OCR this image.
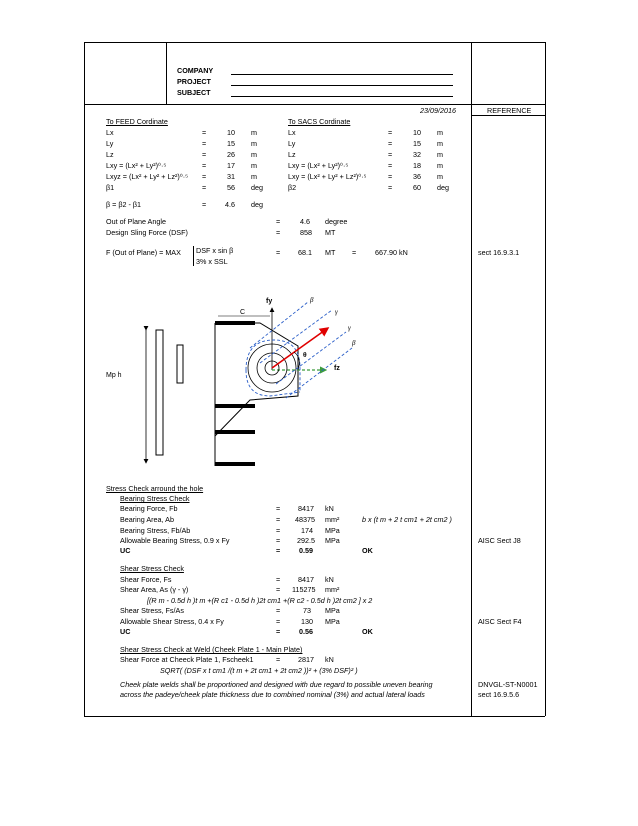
COMPANY
PROJECT
SUBJECT
23/09/2016	REFERENCE
To FEED Cordinate
Lx	=	10 m
Ly	=	15 m
Lz	=	26 m
Lxy = (Lx² + Ly²)⁰·⁵	=	17 m
Lxyz = (Lx² + Ly² + Lz²)⁰·⁵ =	31 m
β1	=	56 deg
β = β2 - β1	=	4.6 deg
To SACS Cordinate
Lx	=	10 m
Ly	=	15 m
Lz	=	32 m
Lxy = (Lx² + Ly²)⁰·⁵	=	18 m
Lxy = (Lx² + Ly² + Lz²)⁰·⁵	=	36 m
β2	=	60 deg
Out of Plane Angle	=	4.6 degree
Design Sling Force (DSF)	=	858 MT
F (Out of Plane) = MAX DSF x sin β
3% x SSL
= 68.1 MT =	667.90 kN	sect 16.9.3.1
fy
fz
C
Mp h
β
γ
γ
β
θ
Stress Check arround the hole
Bearing Stress Check
Bearing Force, Fb	= 8417 kN
Bearing Area, Ab	= 48375 mm²	b x (t m + 2 t cm1 + 2t cm2 )
Bearing Stress, Fb/Ab	=	174 MPa
Allowable Bearing Stress, 0.9 x Fy	= 292.5 MPa	AISC Sect J8
UC	=	0.59	OK
Shear Stress Check
Shear Force, Fs	= 8417 kN
Shear Area, As (γ - γ)	= 115275 mm²
[(R m - 0.5d h )t m +(R c1 - 0.5d h )2t cm1 +(R c2 - 0.5d h )2t cm2 ] x 2
Shear Stress, Fs/As	=	73 MPa
Allowable Shear Stress, 0.4 x Fy	=	130 MPa	AISC Sect F4
UC	=	0.56	OK
Shear Stress Check at Weld (Cheek Plate 1 - Main Plate)
Shear Force at Cheeck Plate 1, Fscheek1	= 2817 kN
SQRT( (DSF x t cm1 /(t m + 2t cm1 + 2t cm2 ))² + (3% DSF)² )
Cheek plate welds shall be proportioned and designed with due regard to possible uneven bearing
across the padeye/cheek plate thickness due to combined nominal (3%) and actual lateral loads
DNVGL-ST-N0001
sect 16.9.5.6
